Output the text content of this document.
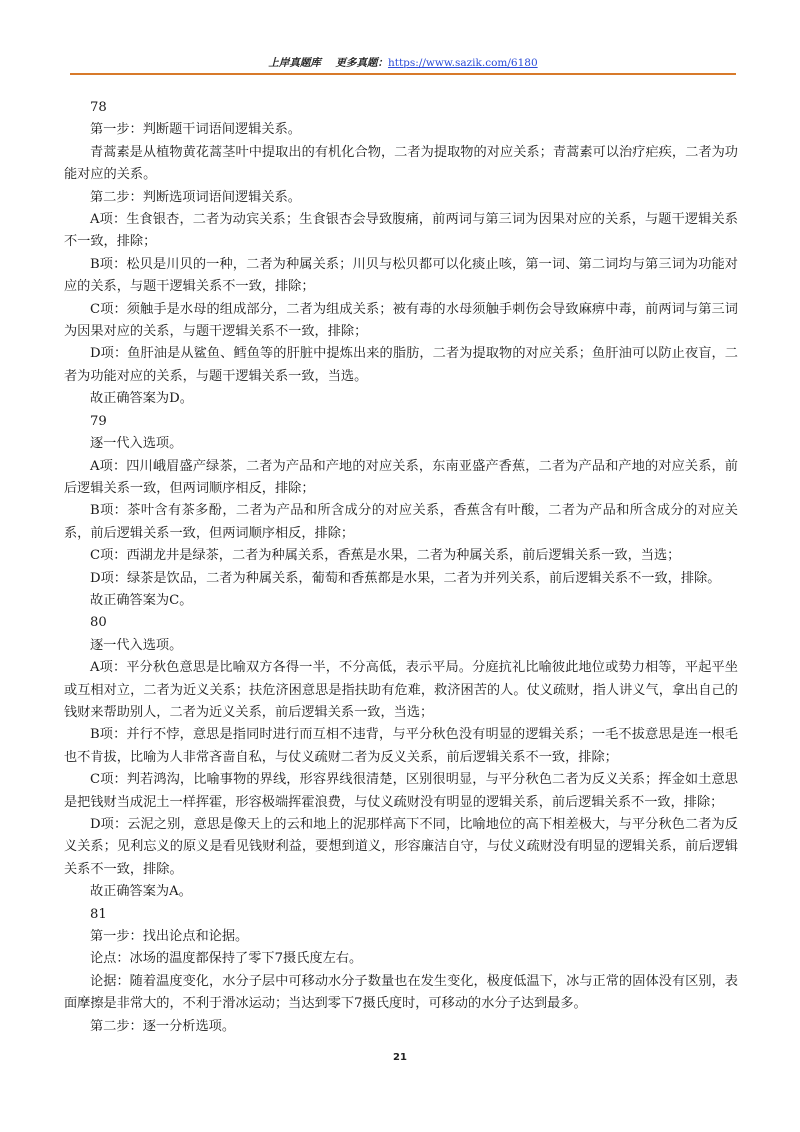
上岸真题库 更多真题：https://www.sazik.com/6180

78

第一步：判断题干词语间逻辑关系。

青蒿素是从植物黄花蒿茎叶中提取出的有机化合物，二者为提取物的对应关系；青蒿素可以治疗疟疾，二者为功能对应的关系。

第二步：判断选项词语间逻辑关系。

A项：生食银杏，二者为动宾关系；生食银杏会导致腹痛，前两词与第三词为因果对应的关系，与题干逻辑关系不一致，排除；

B项：松贝是川贝的一种，二者为种属关系；川贝与松贝都可以化痰止咳，第一词、第二词均与第三词为功能对应的关系，与题干逻辑关系不一致，排除；

C项：须触手是水母的组成部分，二者为组成关系；被有毒的水母须触手刺伤会导致麻痹中毒，前两词与第三词为因果对应的关系，与题干逻辑关系不一致，排除；

D项：鱼肝油是从鲨鱼、鳕鱼等的肝脏中提炼出来的脂肪，二者为提取物的对应关系；鱼肝油可以防止夜盲，二者为功能对应的关系，与题干逻辑关系一致，当选。

故正确答案为D。

79

逐一代入选项。

A项：四川峨眉盛产绿茶，二者为产品和产地的对应关系，东南亚盛产香蕉，二者为产品和产地的对应关系，前后逻辑关系一致，但两词顺序相反，排除；

B项：茶叶含有茶多酚，二者为产品和所含成分的对应关系，香蕉含有叶酸，二者为产品和所含成分的对应关系，前后逻辑关系一致，但两词顺序相反，排除；

C项：西湖龙井是绿茶，二者为种属关系，香蕉是水果，二者为种属关系，前后逻辑关系一致，当选；

D项：绿茶是饮品，二者为种属关系，葡萄和香蕉都是水果，二者为并列关系，前后逻辑关系不一致，排除。

故正确答案为C。

80

逐一代入选项。

A项：平分秋色意思是比喻双方各得一半，不分高低，表示平局。分庭抗礼比喻彼此地位或势力相等，平起平坐或互相对立，二者为近义关系；扶危济困意思是指扶助有危难，救济困苦的人。仗义疏财，指人讲义气，拿出自己的钱财来帮助别人，二者为近义关系，前后逻辑关系一致，当选；

B项：并行不悖，意思是指同时进行而互相不违背，与平分秋色没有明显的逻辑关系；一毛不拔意思是连一根毛也不肯拔，比喻为人非常吝啬自私，与仗义疏财二者为反义关系，前后逻辑关系不一致，排除；

C项：判若鸿沟，比喻事物的界线，形容界线很清楚，区别很明显，与平分秋色二者为反义关系；挥金如土意思是把钱财当成泥土一样挥霍，形容极端挥霍浪费，与仗义疏财没有明显的逻辑关系，前后逻辑关系不一致，排除；

D项：云泥之别，意思是像天上的云和地上的泥那样高下不同，比喻地位的高下相差极大，与平分秋色二者为反义关系；见利忘义的原义是看见钱财利益，要想到道义，形容廉洁自守，与仗义疏财没有明显的逻辑关系，前后逻辑关系不一致，排除。

故正确答案为A。

81

第一步：找出论点和论据。

论点：冰场的温度都保持了零下7摄氏度左右。

论据：随着温度变化，水分子层中可移动水分子数量也在发生变化，极度低温下，冰与正常的固体没有区别，表面摩擦是非常大的，不利于滑冰运动；当达到零下7摄氏度时，可移动的水分子达到最多。

第二步：逐一分析选项。

21
